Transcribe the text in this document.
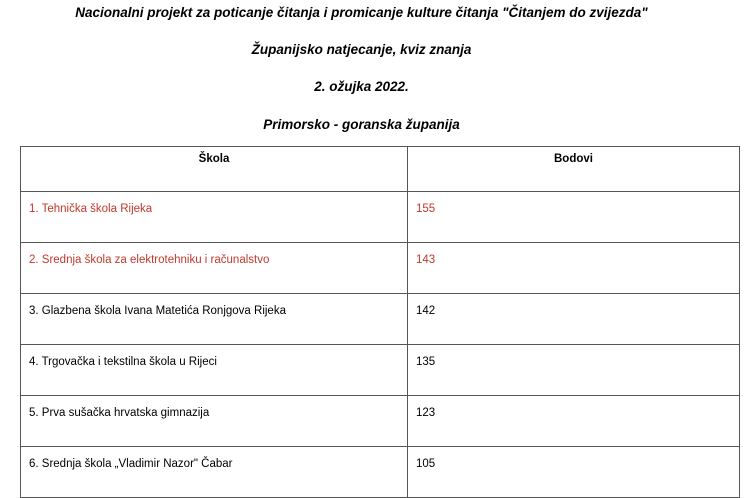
Nacionalni projekt za poticanje čitanja i promicanje kulture čitanja "Čitanjem do zvijezda"
Županijsko natjecanje, kviz znanja
2. ožujka 2022.
Primorsko - goranska županija
Škola	Bodovi
1. Tehnička škola Rijeka	155
2. Srednja škola za elektrotehniku i računalstvo	143
3. Glazbena škola Ivana Matetića Ronjgova Rijeka	142
4. Trgovačka i tekstilna škola u Rijeci	135
5. Prva sušačka hrvatska gimnazija	123
6. Srednja škola „Vladimir Nazor" Čabar	105
